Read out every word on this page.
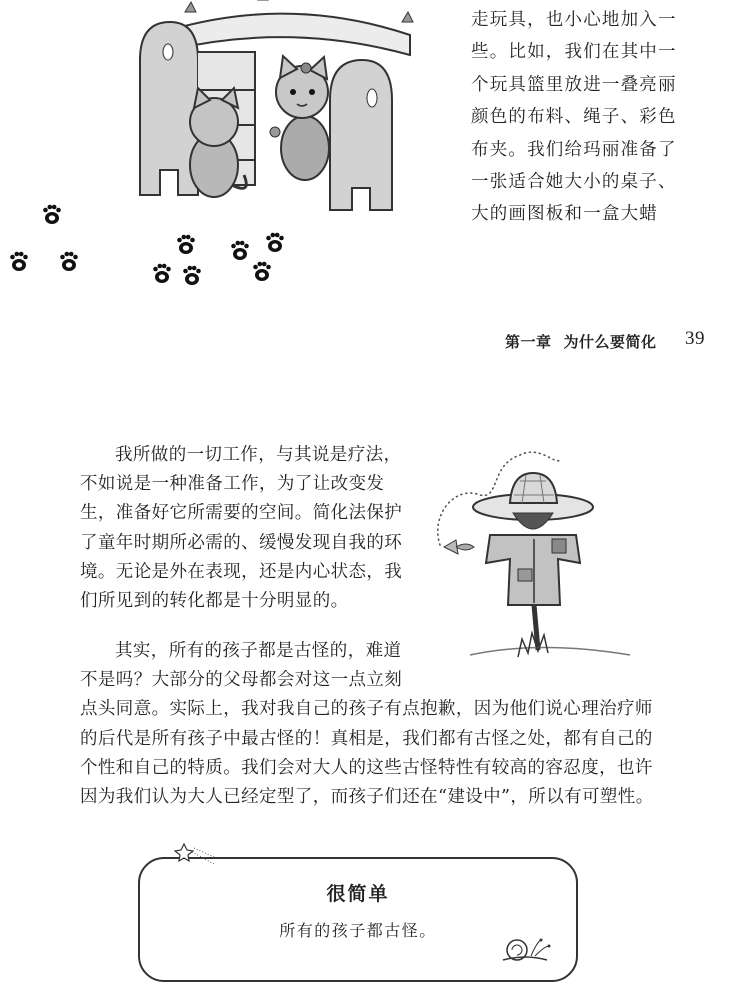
走玩具，也小心地加入一
些。比如，我们在其中一
个玩具篮里放进一叠亮丽
颜色的布料、绳子、彩色
布夹。我们给玛丽准备了
一张适合她大小的桌子、
大的画图板和一盒大蜡
第一章 为什么要简化 39
我所做的一切工作，与其说是疗法，
不如说是一种准备工作，为了让改变发
生，准备好它所需要的空间。简化法保护
了童年时期所必需的、缓慢发现自我的环
境。无论是外在表现，还是内心状态，我
们所见到的转化都是十分明显的。
其实，所有的孩子都是古怪的，难道
不是吗？大部分的父母都会对这一点立刻
点头同意。实际上，我对我自己的孩子有点抱歉，因为他们说心理治疗师
的后代是所有孩子中最古怪的！真相是，我们都有古怪之处，都有自己的
个性和自己的特质。我们会对大人的这些古怪特性有较高的容忍度，也许
因为我们认为大人已经定型了，而孩子们还在“建设中”，所以有可塑性。
很简单
所有的孩子都古怪。
